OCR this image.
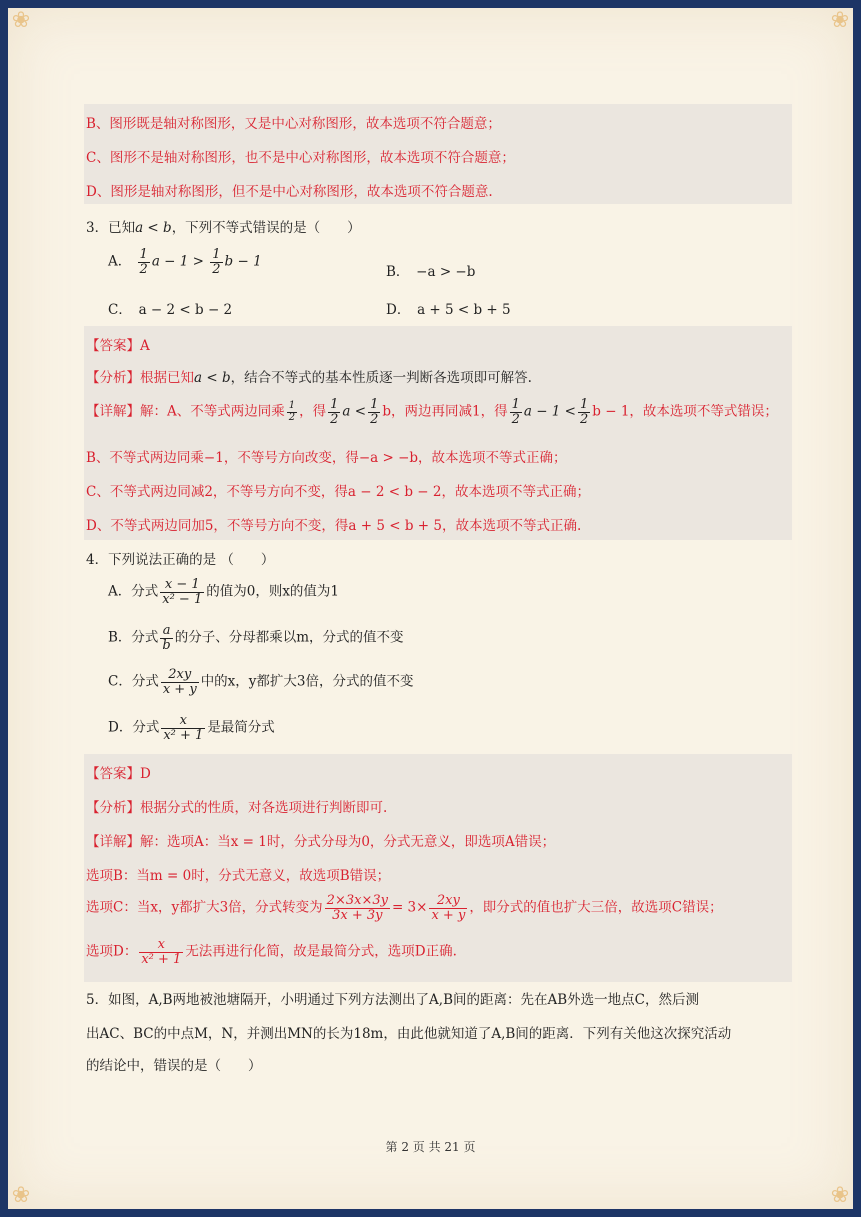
❀	❀
❀	❀
B、图形既是轴对称图形，又是中心对称图形，故本选项不符合题意；
C、图形不是轴对称图形，也不是中心对称图形，故本选项不符合题意；
D、图形是轴对称图形，但不是中心对称图形，故本选项不符合题意.
3．已知a < b，下列不等式错误的是（　　）
A． $\frac{1}{2}$ $a - 1 > \frac{1}{2}$ b − 1
B．　−a > −b
C．　a − 2 < b − 2	D．　a + 5 < b + 5
【答案】A
【分析】根据已知a < b，结合不等式的基本性质逐一判断各选项即可解答.
【详解】解：A、不等式两边同乘 $\frac{1}{2}$ ，得 $\frac{1}{2}$ $a < \frac{1}{2}$ b，两边再同减1，得 $\frac{1}{2}$ $a - 1 < \frac{1}{2}$ b − 1，故本选项不等式错误；
B、不等式两边同乘−1，不等号方向改变，得−a > −b，故本选项不等式正确；
C、不等式两边同减2，不等号方向不变，得a − 2 < b − 2，故本选项不等式正确；
D、不等式两边同加5，不等号方向不变，得a + 5 < b + 5，故本选项不等式正确.
4．下列说法正确的是 （　　）
A．分式 $\frac{x - 1}{\text{x² − 1}}$ 的值为0，则x的值为1
B．分式 $\frac{a}{b}$ 的分子、分母都乘以m，分式的值不变
C．分式 $\frac{2xy}{x + y}$ 中的x，y都扩大3倍，分式的值不变
D．分式 $\frac{x}{\text{x² + 1}}$ 是最简分式
【答案】D
【分析】根据分式的性质，对各选项进行判断即可.
【详解】解：选项A：当x = 1时，分式分母为0，分式无意义，即选项A错误；
选项B：当m = 0时，分式无意义，故选项B错误；
选项C：当x，y都扩大3倍，分式转变为 $\frac{2\times 3x\times 3y}{3x + 3y} = 3\times \frac{2xy}{x + y}$ ，即分式的值也扩大三倍，故选项C错误；
选项D： $\frac{x}{\text{x² + 1}}$ 无法再进行化简，故是最简分式，选项D正确.
5．如图，A,B两地被池塘隔开，小明通过下列方法测出了A,B间的距离：先在AB外选一地点C，然后测
出AC、BC的中点M，N，并测出MN的长为18m，由此他就知道了A,B间的距离．下列有关他这次探究活动
的结论中，错误的是（　　）
第 2 页 共 21 页
